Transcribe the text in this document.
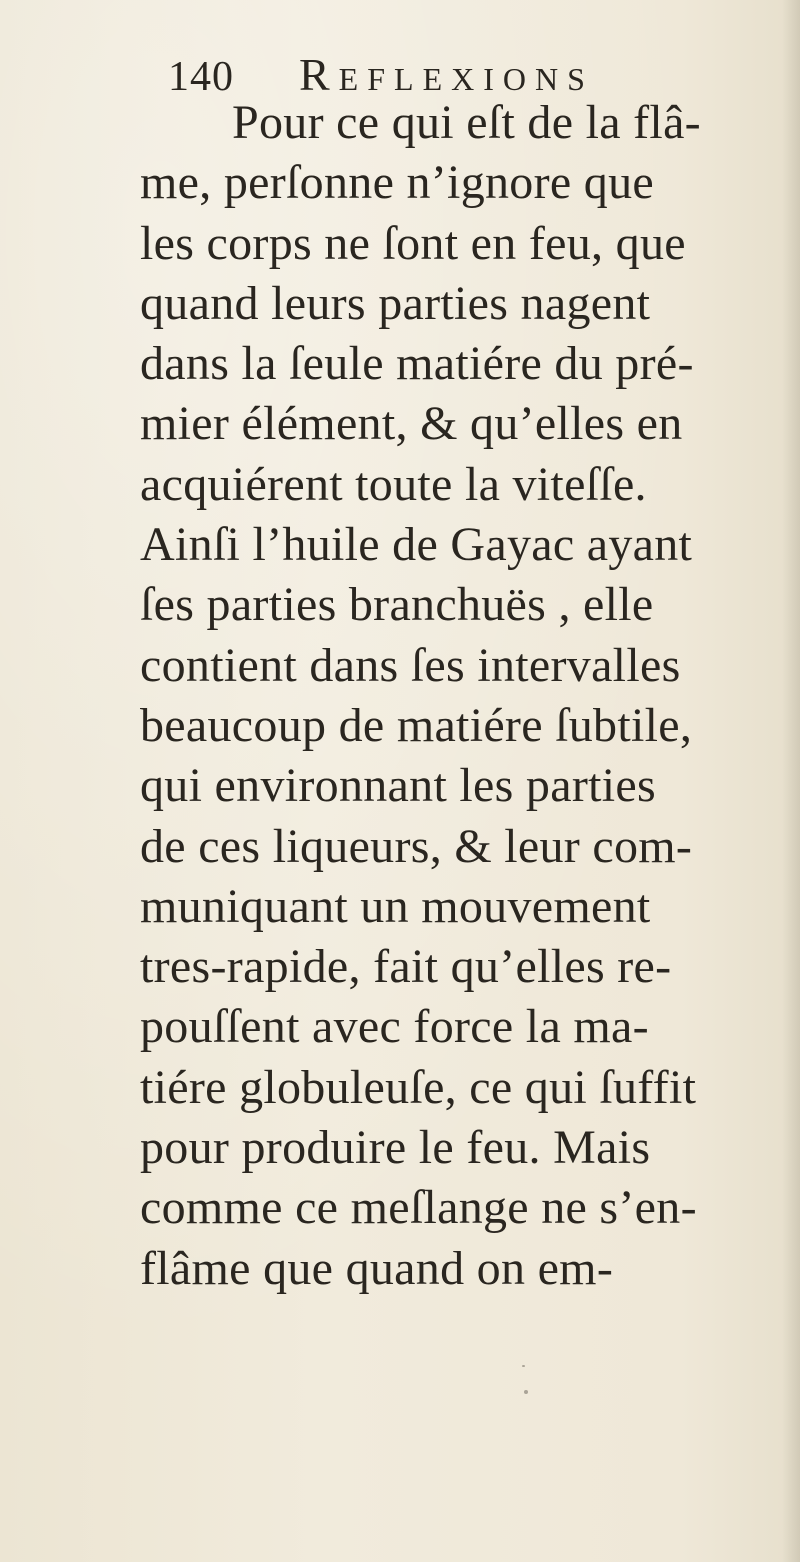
140 Reflexions
Pour ce qui eſt de la flâ-
me, perſonne n’ignore que
les corps ne ſont en feu, que
quand leurs parties nagent
dans la ſeule matiére du pré-
mier élément, & qu’elles en
acquiérent toute la viteſſe.
Ainſi l’huile de Gayac ayant
ſes parties branchuës , elle
contient dans ſes intervalles
beaucoup de matiére ſubtile,
qui environnant les parties
de ces liqueurs, & leur com-
muniquant un mouvement
tres-rapide, fait qu’elles re-
pouſſent avec force la ma-
tiére globuleuſe, ce qui ſuffit
pour produire le feu. Mais
comme ce meſlange ne s’en-
flâme que quand on em-
